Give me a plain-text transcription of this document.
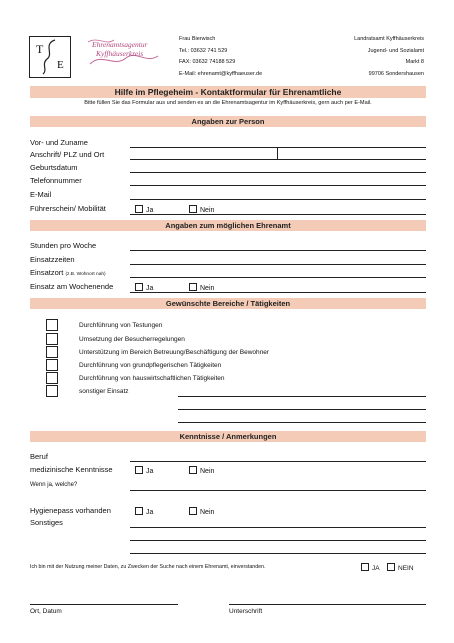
T
E
Ehrenamtsagentur
Kyffhäuserkreis
Frau Bierwisch
Tel.: 03632 741 529
FAX: 03632 74188 529
E-Mail: ehrenamt@kyffhaeuser.de
Landratsamt Kyffhäuserkreis
Jugend- und Sozialamt
Markt 8
99706 Sondershausen
Hilfe im Pflegeheim - Kontaktformular für Ehrenamtliche
Bitte füllen Sie das Formular aus und senden es an die Ehrenamtsagentur im Kyffhäuserkreis, gern auch per E-Mail.
Angaben zur Person
Vor- und Zuname
Anschrift/ PLZ und Ort
Geburtsdatum
Telefonnummer
E-Mail
Führerschein/ Mobilität	Ja	Nein
Angaben zum möglichen Ehrenamt
Stunden pro Woche
Einsatzzeiten
Einsatzort (z.B. Wohnort nah)
Einsatz am Wochenende	Ja	Nein
Gewünschte Bereiche / Tätigkeiten
Durchführung von Testungen
Umsetzung der Besucherregelungen
Unterstützung im Bereich Betreuung/Beschäftigung der Bewohner
Durchführung von grundpflegerischen Tätigkeiten
Durchführung von hauswirtschaftlichen Tätigkeiten
sonstiger Einsatz
Kenntnisse / Anmerkungen
Beruf
medizinische Kenntnisse	Ja	Nein
Wenn ja, welche?
Hygienepass vorhanden	Ja	Nein
Sonstiges
Ich bin mit der Nutzung meiner Daten, zu Zwecken der Suche nach einem Ehrenamt, einverstanden.	JA	NEIN
Ort, Datum	Unterschrift
